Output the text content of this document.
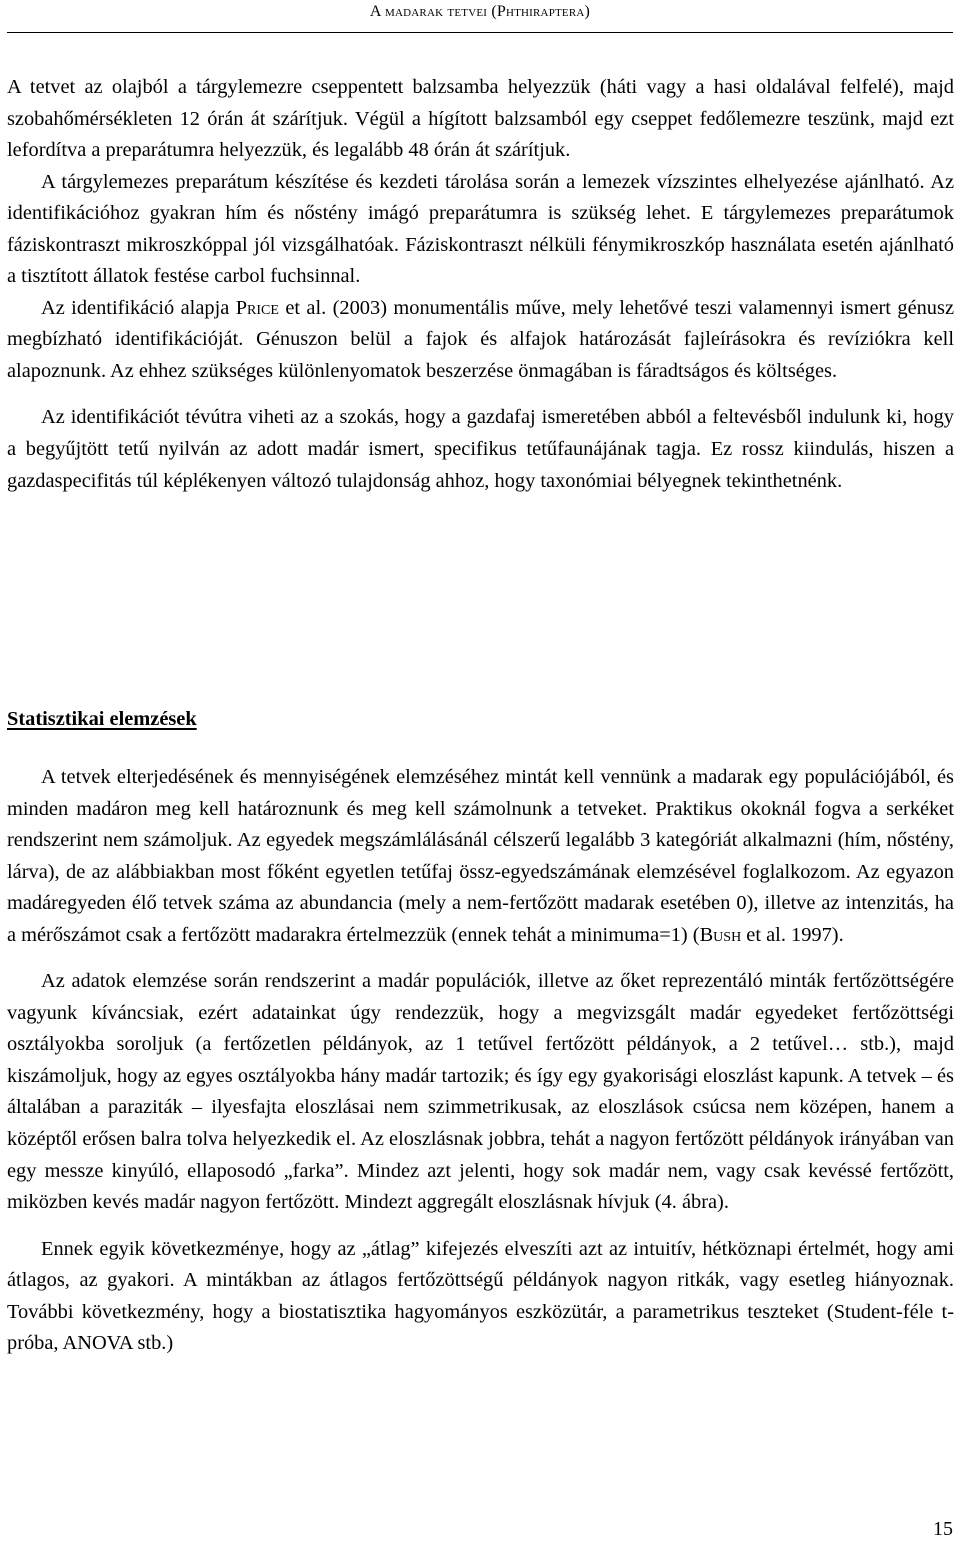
A madarak tetvei (Phthiraptera)

A tetvet az olajból a tárgylemezre cseppentett balzsamba helyezzük (háti vagy a hasi oldalával felfelé), majd szobahőmérsékleten 12 órán át szárítjuk. Végül a hígított balzsamból egy cseppet fedőlemezre teszünk, majd ezt lefordítva a preparátumra helyezzük, és legalább 48 órán át szárítjuk.

A tárgylemezes preparátum készítése és kezdeti tárolása során a lemezek vízszintes elhelyezése ajánlható. Az identifikációhoz gyakran hím és nőstény imágó preparátumra is szükség lehet. E tárgylemezes preparátumok fáziskontraszt mikroszkóppal jól vizsgálhatóak. Fáziskontraszt nélküli fénymikroszkóp használata esetén ajánlható a tisztított állatok festése carbol fuchsinnal.

Az identifikáció alapja Price et al. (2003) monumentális műve, mely lehetővé teszi valamennyi ismert génusz megbízható identifikációját. Génuszon belül a fajok és alfajok határozását fajleírásokra és revíziókra kell alapoznunk. Az ehhez szükséges különlenyomatok beszerzése önmagában is fáradtságos és költséges.

Az identifikációt tévútra viheti az a szokás, hogy a gazdafaj ismeretében abból a feltevésből indulunk ki, hogy a begyűjtött tetű nyilván az adott madár ismert, specifikus tetűfaunájának tagja. Ez rossz kiindulás, hiszen a gazdaspecifitás túl képlékenyen változó tulajdonság ahhoz, hogy taxonómiai bélyegnek tekinthetnénk.

Statisztikai elemzések

A tetvek elterjedésének és mennyiségének elemzéséhez mintát kell vennünk a madarak egy populációjából, és minden madáron meg kell határoznunk és meg kell számolnunk a tetveket. Praktikus okoknál fogva a serkéket rendszerint nem számoljuk. Az egyedek megszámlálásánál célszerű legalább 3 kategóriát alkalmazni (hím, nőstény, lárva), de az alábbiakban most főként egyetlen tetűfaj össz-egyedszámának elemzésével foglalkozom. Az egyazon madáregyeden élő tetvek száma az abundancia (mely a nem-fertőzött madarak esetében 0), illetve az intenzitás, ha a mérőszámot csak a fertőzött madarakra értelmezzük (ennek tehát a minimuma=1) (Bush et al. 1997).

Az adatok elemzése során rendszerint a madár populációk, illetve az őket reprezentáló minták fertőzöttségére vagyunk kíváncsiak, ezért adatainkat úgy rendezzük, hogy a megvizsgált madár egyedeket fertőzöttségi osztályokba soroljuk (a fertőzetlen példányok, az 1 tetűvel fertőzött példányok, a 2 tetűvel… stb.), majd kiszámoljuk, hogy az egyes osztályokba hány madár tartozik; és így egy gyakorisági eloszlást kapunk. A tetvek – és általában a paraziták – ilyesfajta eloszlásai nem szimmetrikusak, az eloszlások csúcsa nem középen, hanem a középtől erősen balra tolva helyezkedik el. Az eloszlásnak jobbra, tehát a nagyon fertőzött példányok irányában van egy messze kinyúló, ellaposodó „farka”. Mindez azt jelenti, hogy sok madár nem, vagy csak kevéssé fertőzött, miközben kevés madár nagyon fertőzött. Mindezt aggregált eloszlásnak hívjuk (4. ábra).

Ennek egyik következménye, hogy az „átlag” kifejezés elveszíti azt az intuitív, hétköznapi értelmét, hogy ami átlagos, az gyakori. A mintákban az átlagos fertőzöttségű példányok nagyon ritkák, vagy esetleg hiányoznak. További következmény, hogy a biostatisztika hagyományos eszközütár, a parametrikus teszteket (Student-féle t-próba, ANOVA stb.)

15
